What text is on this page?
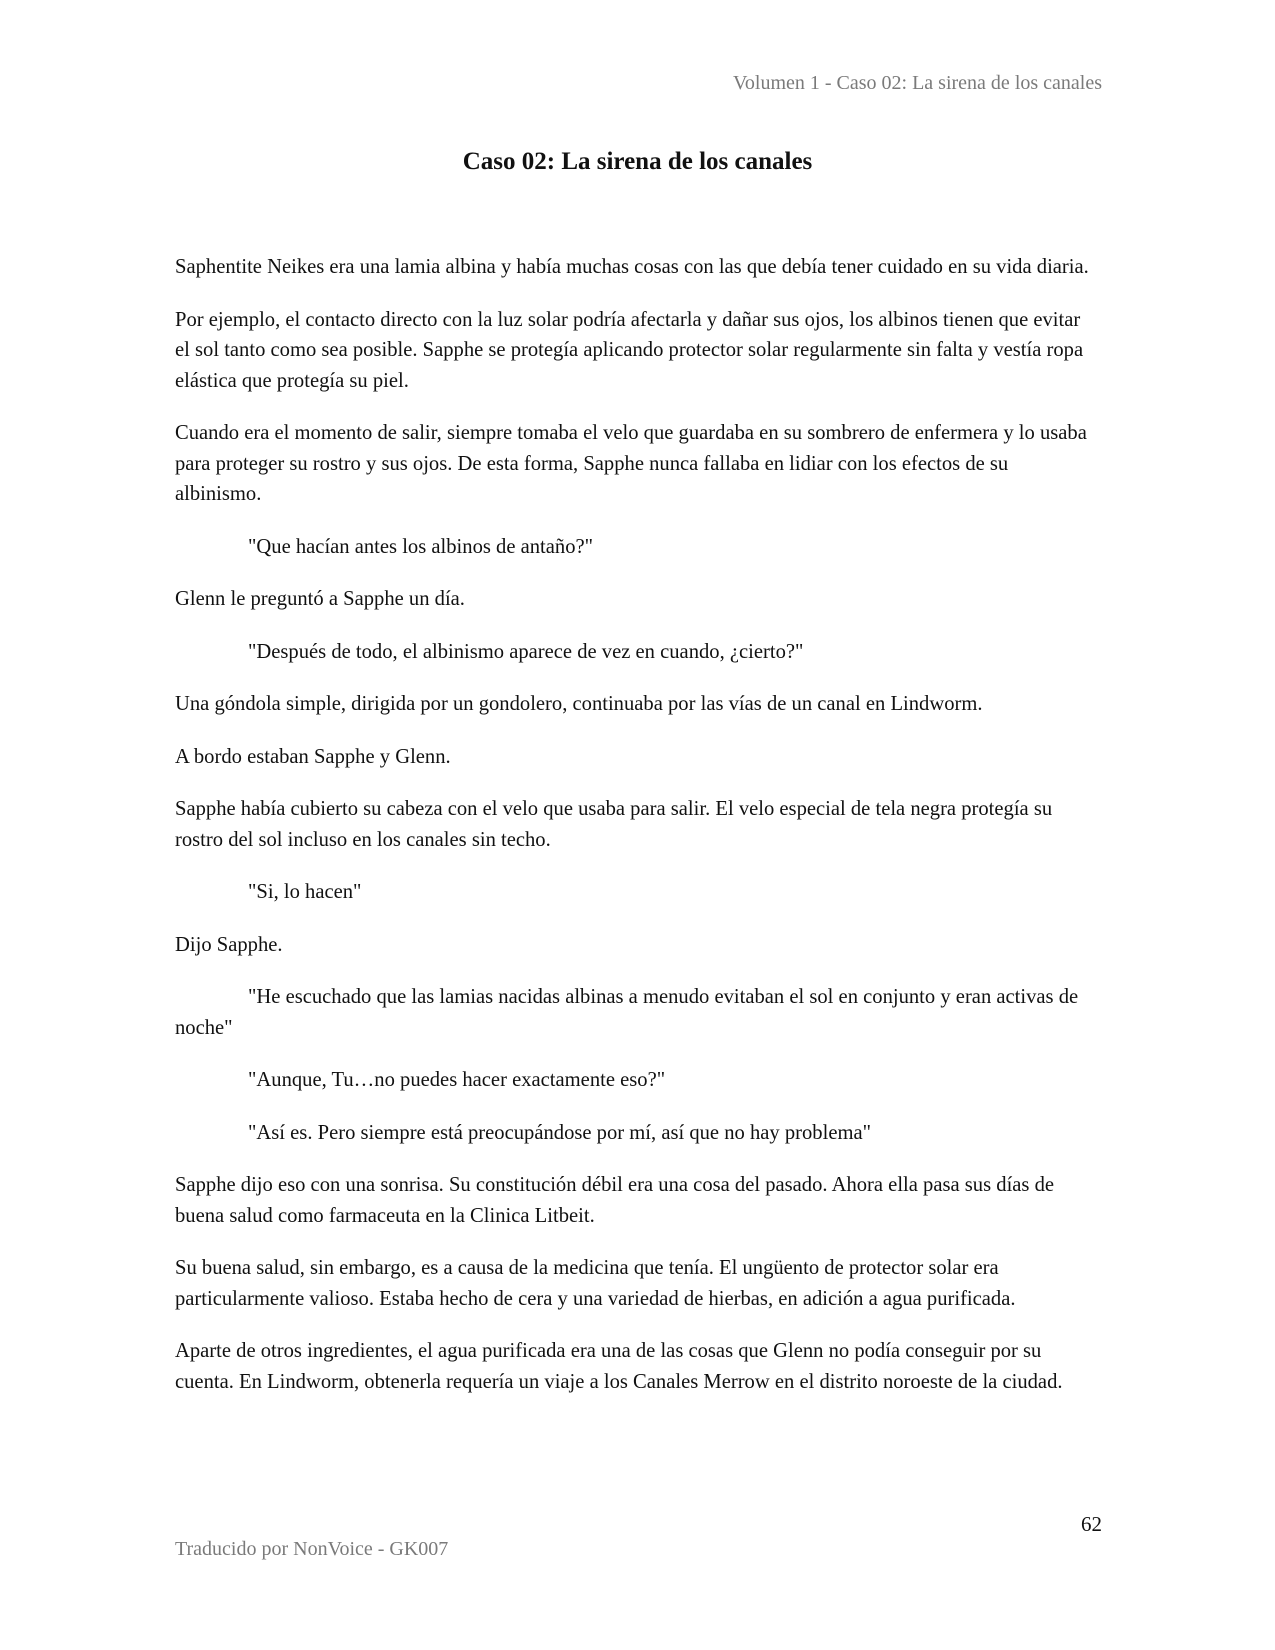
Volumen 1 - Caso 02: La sirena de los canales
Caso 02: La sirena de los canales

Saphentite Neikes era una lamia albina y había muchas cosas con las que debía tener cuidado en su vida diaria.

Por ejemplo, el contacto directo con la luz solar podría afectarla y dañar sus ojos, los albinos tienen que evitar el sol tanto como sea posible. Sapphe se protegía aplicando protector solar regularmente sin falta y vestía ropa elástica que protegía su piel.

Cuando era el momento de salir, siempre tomaba el velo que guardaba en su sombrero de enfermera y lo usaba para proteger su rostro y sus ojos. De esta forma, Sapphe nunca fallaba en lidiar con los efectos de su albinismo.

"Que hacían antes los albinos de antaño?"

Glenn le preguntó a Sapphe un día.

"Después de todo, el albinismo aparece de vez en cuando, ¿cierto?"

Una góndola simple, dirigida por un gondolero, continuaba por las vías de un canal en Lindworm.

A bordo estaban Sapphe y Glenn.

Sapphe había cubierto su cabeza con el velo que usaba para salir. El velo especial de tela negra protegía su rostro del sol incluso en los canales sin techo.

"Si, lo hacen"

Dijo Sapphe.

"He escuchado que las lamias nacidas albinas a menudo evitaban el sol en conjunto y eran activas de noche"

"Aunque, Tu…no puedes hacer exactamente eso?"

"Así es. Pero siempre está preocupándose por mí, así que no hay problema"

Sapphe dijo eso con una sonrisa. Su constitución débil era una cosa del pasado. Ahora ella pasa sus días de buena salud como farmaceuta en la Clinica Litbeit.

Su buena salud, sin embargo, es a causa de la medicina que tenía. El ungüento de protector solar era particularmente valioso. Estaba hecho de cera y una variedad de hierbas, en adición a agua purificada.

Aparte de otros ingredientes, el agua purificada era una de las cosas que Glenn no podía conseguir por su cuenta. En Lindworm, obtenerla requería un viaje a los Canales Merrow en el distrito noroeste de la ciudad.

62
Traducido por NonVoice - GK007
